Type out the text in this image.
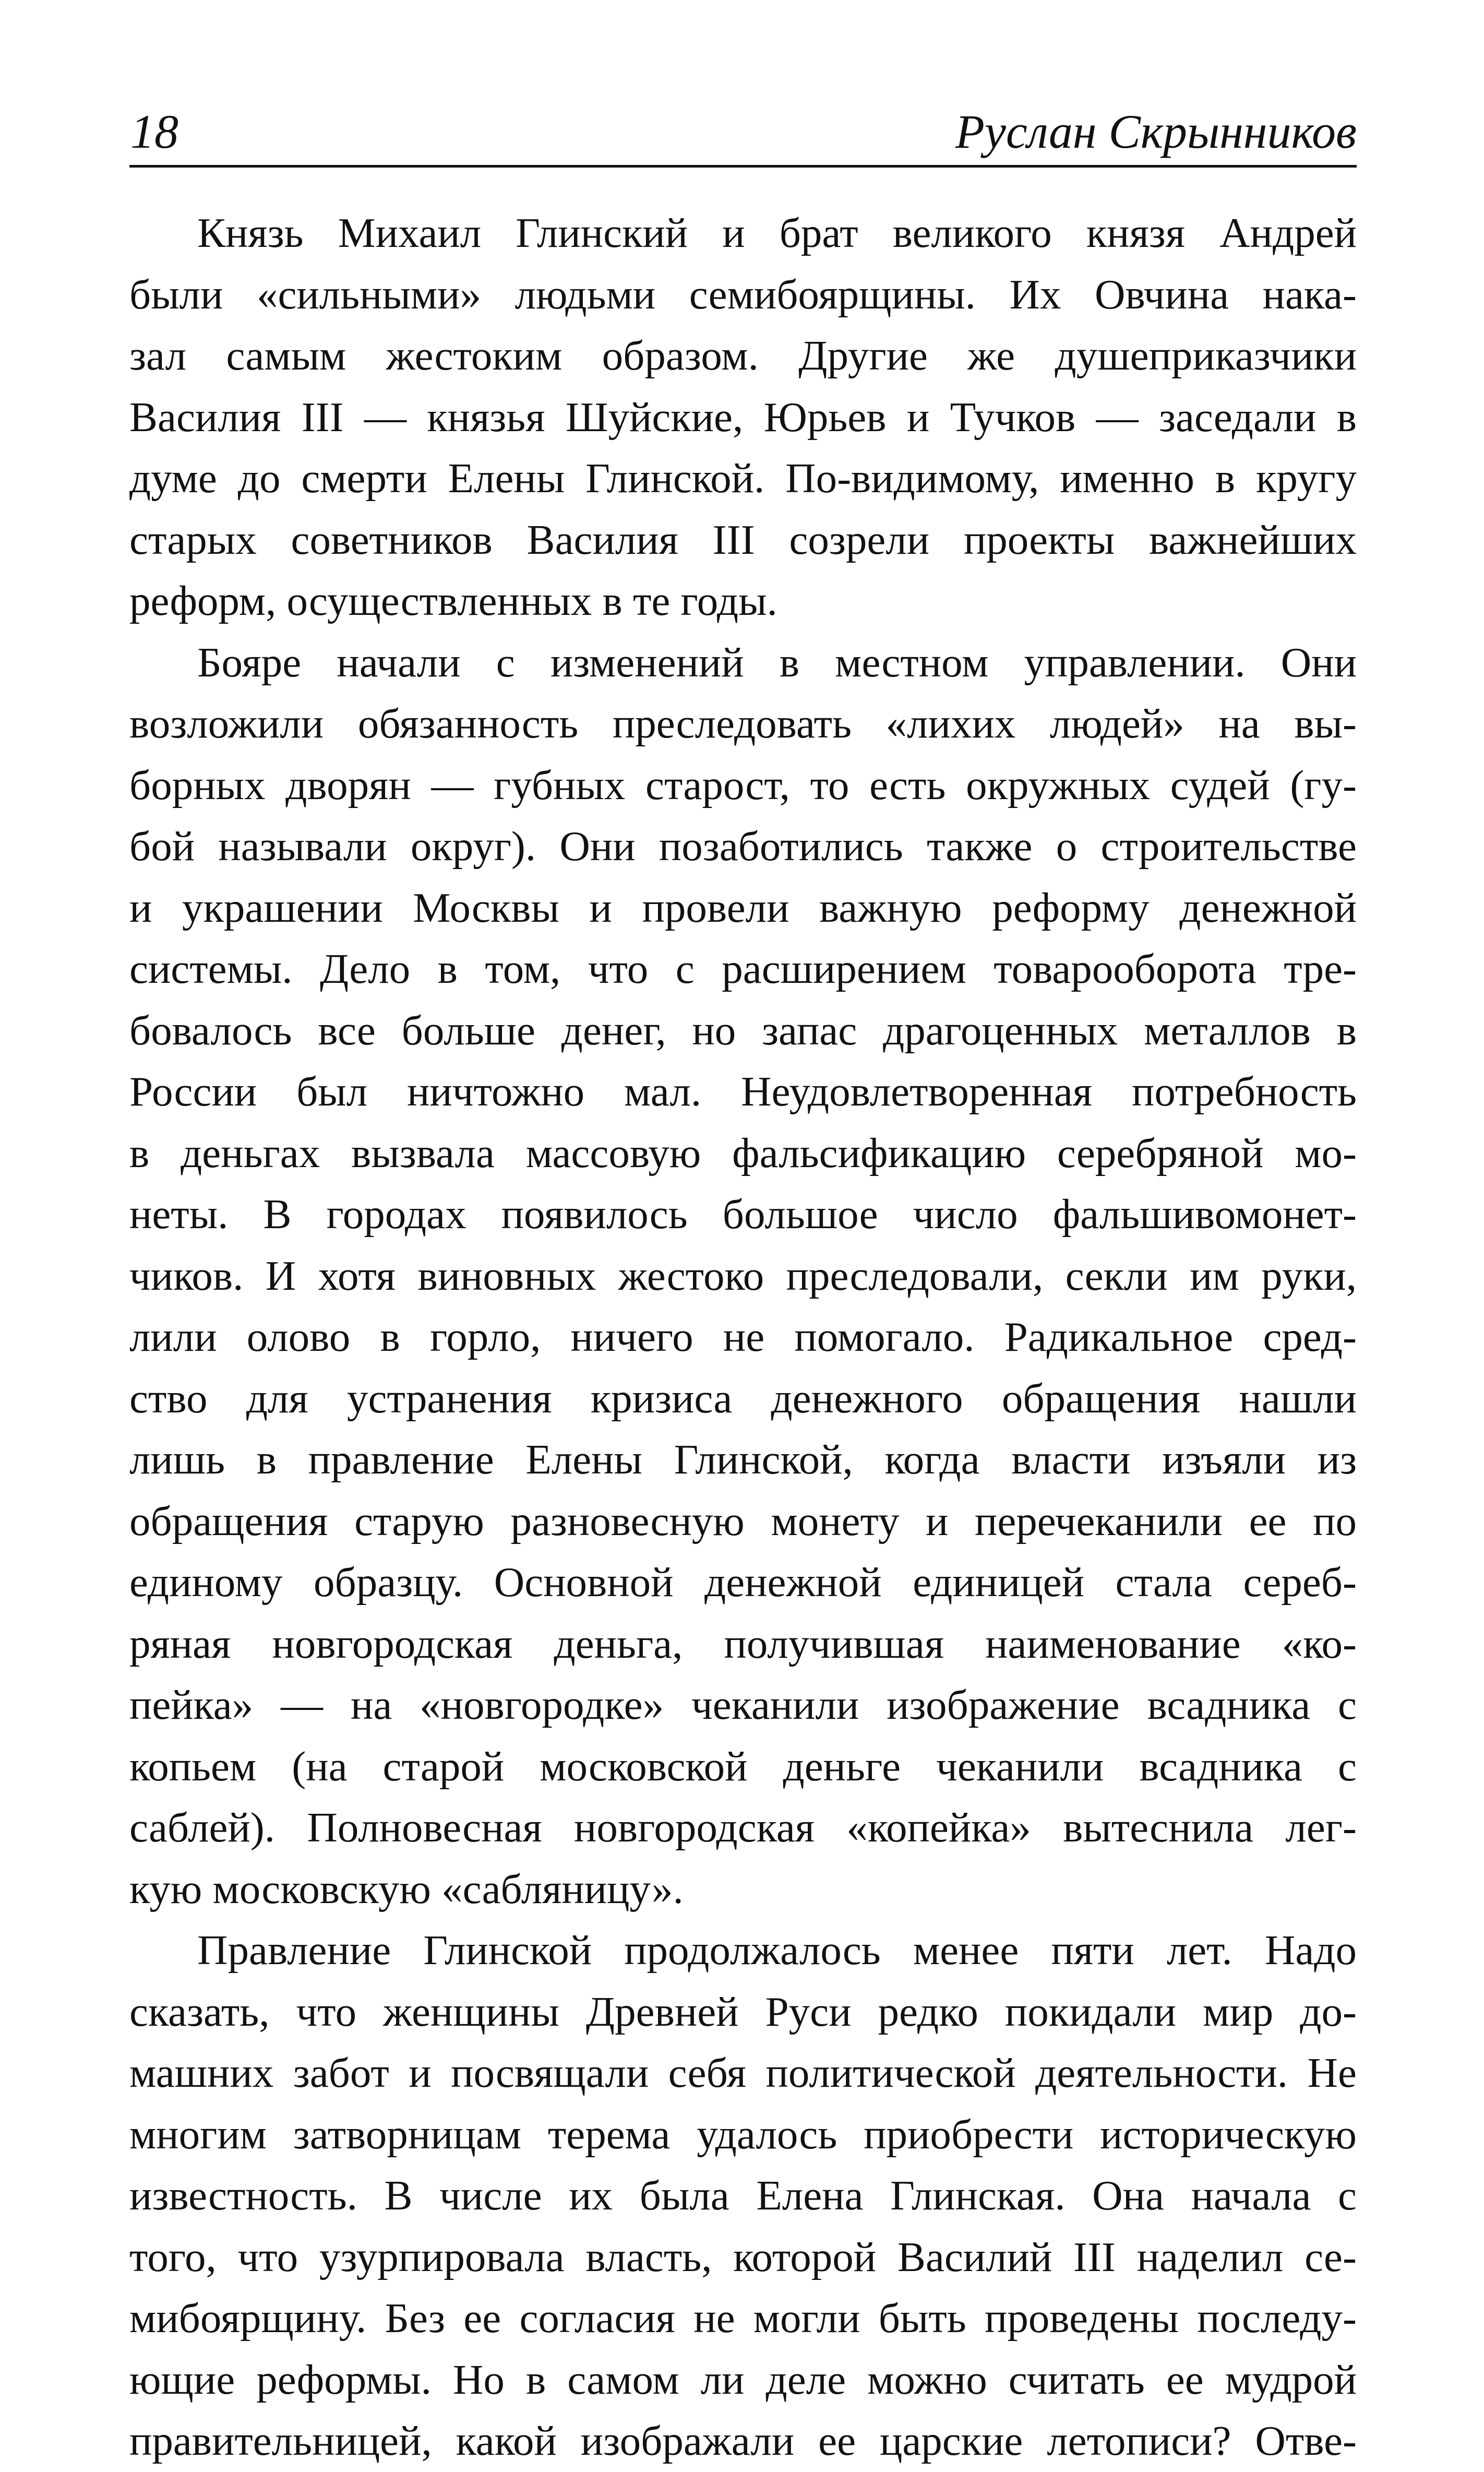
18	Руслан Скрынников

Князь Михаил Глинский и брат великого князя Андрей
были «сильными» людьми семибоярщины. Их Овчина нака-
зал самым жестоким образом. Другие же душеприказчики
Василия III — князья Шуйские, Юрьев и Тучков — заседали в
думе до смерти Елены Глинской. По-видимому, именно в кругу
старых советников Василия III созрели проекты важнейших
реформ, осуществленных в те годы.

Бояре начали с изменений в местном управлении. Они
возложили обязанность преследовать «лихих людей» на вы-
борных дворян — губных старост, то есть окружных судей (гу-
бой называли округ). Они позаботились также о строительстве
и украшении Москвы и провели важную реформу денежной
системы. Дело в том, что с расширением товарооборота тре-
бовалось все больше денег, но запас драгоценных металлов в
России был ничтожно мал. Неудовлетворенная потребность
в деньгах вызвала массовую фальсификацию серебряной мо-
неты. В городах появилось большое число фальшивомонет-
чиков. И хотя виновных жестоко преследовали, секли им руки,
лили олово в горло, ничего не помогало. Радикальное сред-
ство для устранения кризиса денежного обращения нашли
лишь в правление Елены Глинской, когда власти изъяли из
обращения старую разновесную монету и перечеканили ее по
единому образцу. Основной денежной единицей стала сереб-
ряная новгородская деньга, получившая наименование «ко-
пейка» — на «новгородке» чеканили изображение всадника с
копьем (на старой московской деньге чеканили всадника с
саблей). Полновесная новгородская «копейка» вытеснила лег-
кую московскую «сабляницу».

Правление Глинской продолжалось менее пяти лет. Надо
сказать, что женщины Древней Руси редко покидали мир до-
машних забот и посвящали себя политической деятельности. Не
многим затворницам терема удалось приобрести историческую
известность. В числе их была Елена Глинская. Она начала с
того, что узурпировала власть, которой Василий III наделил се-
мибоярщину. Без ее согласия не могли быть проведены последу-
ющие реформы. Но в самом ли деле можно считать ее мудрой
правительницей, какой изображали ее царские летописи? Отве-
